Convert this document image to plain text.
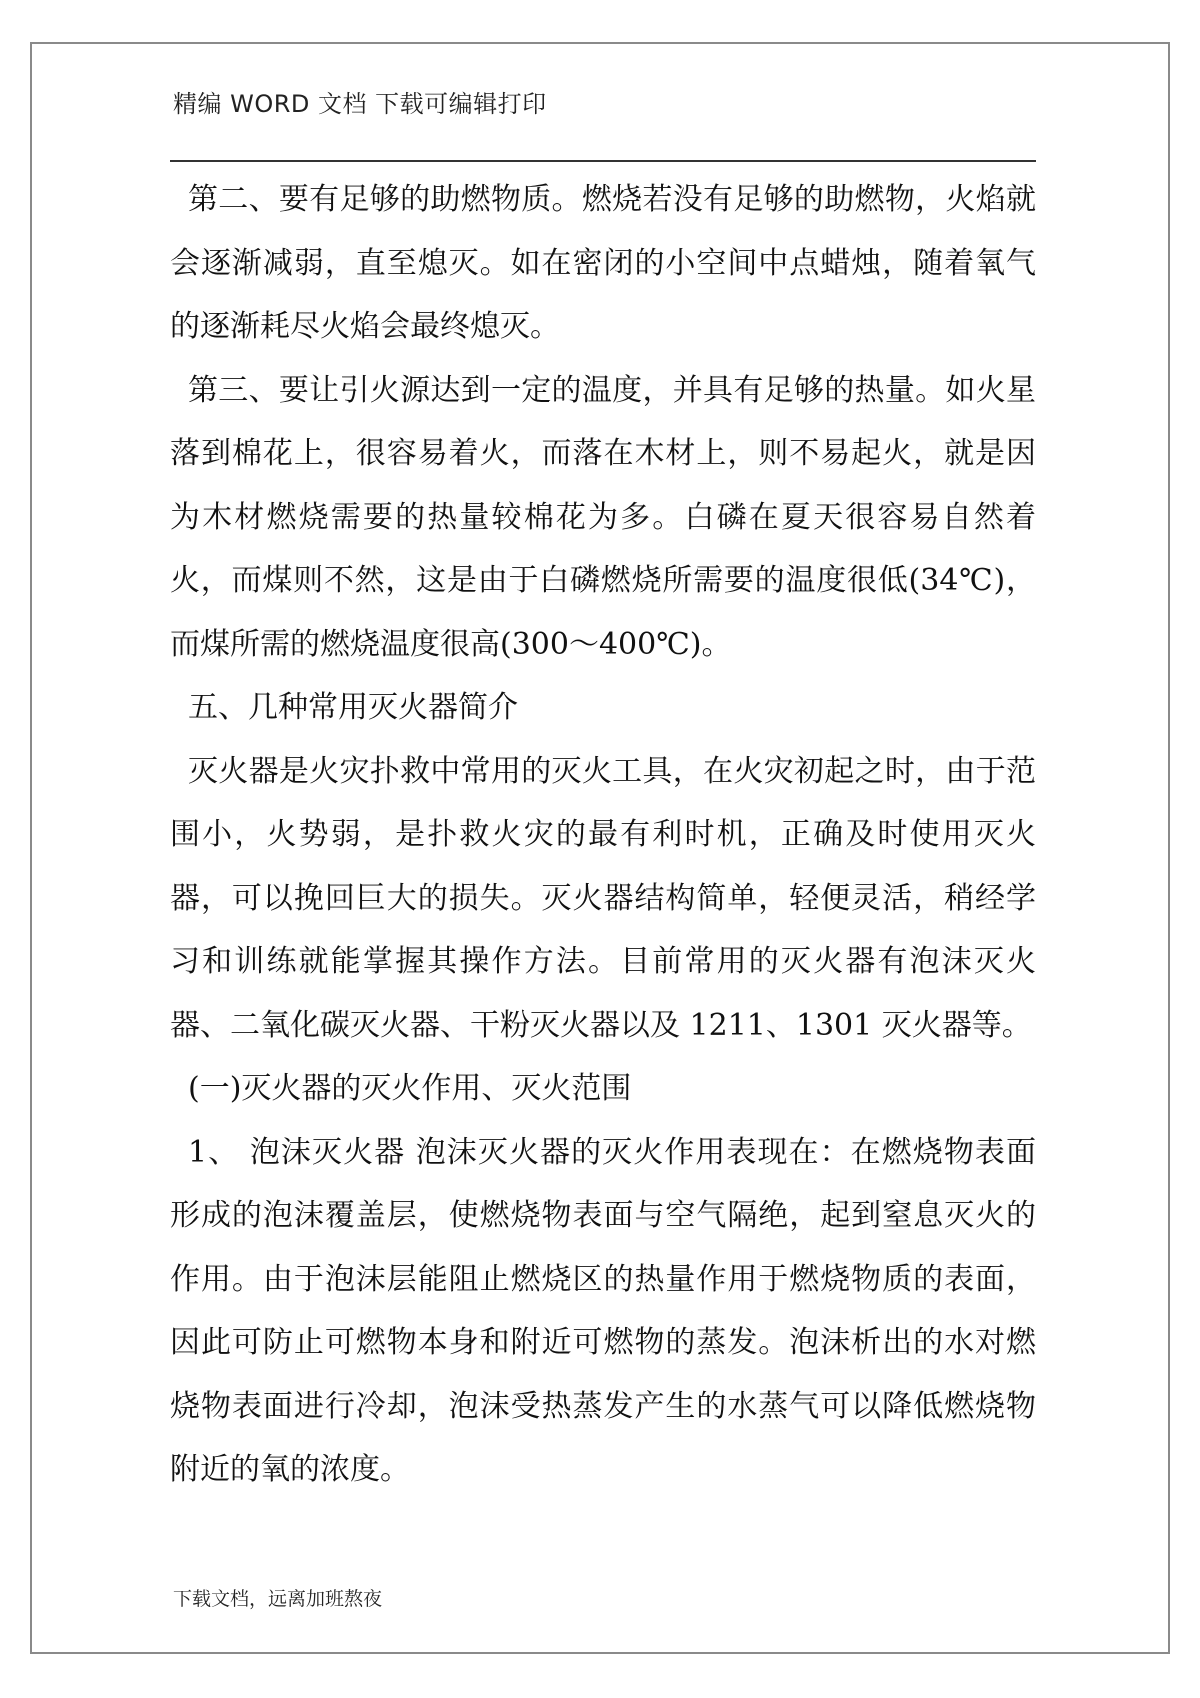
精编 WORD 文档 下载可编辑打印

第二、要有足够的助燃物质。燃烧若没有足够的助燃物，火焰就会逐渐减弱，直至熄灭。如在密闭的小空间中点蜡烛，随着氧气的逐渐耗尽火焰会最终熄灭。

第三、要让引火源达到一定的温度，并具有足够的热量。如火星落到棉花上，很容易着火，而落在木材上，则不易起火，就是因为木材燃烧需要的热量较棉花为多。白磷在夏天很容易自然着火，而煤则不然，这是由于白磷燃烧所需要的温度很低(34℃)，而煤所需的燃烧温度很高(300～400℃)。

五、几种常用灭火器简介

灭火器是火灾扑救中常用的灭火工具，在火灾初起之时，由于范围小，火势弱，是扑救火灾的最有利时机，正确及时使用灭火器，可以挽回巨大的损失。灭火器结构简单，轻便灵活，稍经学习和训练就能掌握其操作方法。目前常用的灭火器有泡沫灭火器、二氧化碳灭火器、干粉灭火器以及 1211、1301 灭火器等。

(一)灭火器的灭火作用、灭火范围

1、 泡沫灭火器 泡沫灭火器的灭火作用表现在：在燃烧物表面形成的泡沫覆盖层，使燃烧物表面与空气隔绝，起到窒息灭火的作用。由于泡沫层能阻止燃烧区的热量作用于燃烧物质的表面，因此可防止可燃物本身和附近可燃物的蒸发。泡沫析出的水对燃烧物表面进行冷却，泡沫受热蒸发产生的水蒸气可以降低燃烧物附近的氧的浓度。

下载文档，远离加班熬夜
